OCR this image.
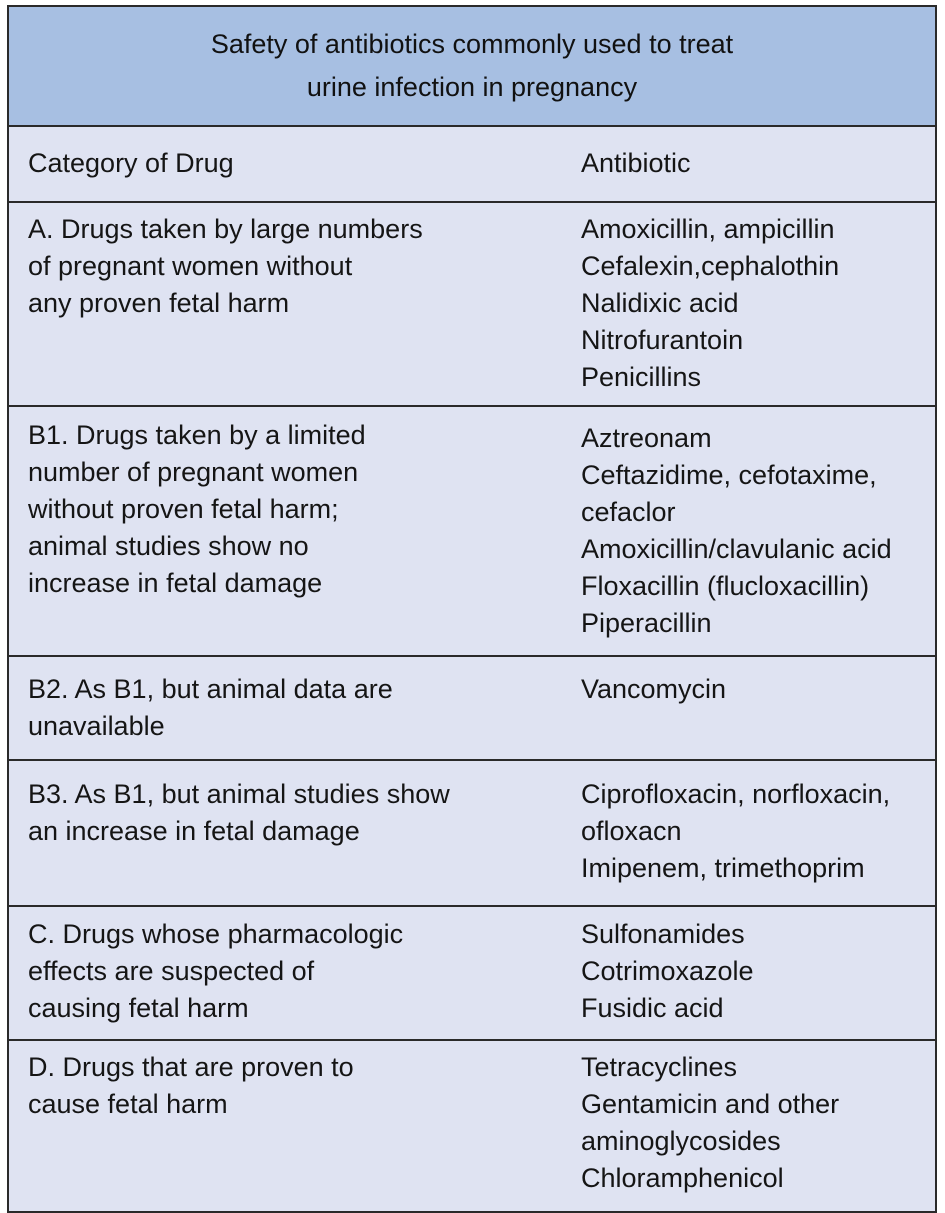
Safety of antibiotics commonly used to treat
urine infection in pregnancy

Category of Drug	Antibiotic
A. Drugs taken by large numbers
of pregnant women without
any proven fetal harm
Amoxicillin, ampicillin
Cefalexin,cephalothin
Nalidixic acid
Nitrofurantoin
Penicillins
B1. Drugs taken by a limited
number of pregnant women
without proven fetal harm;
animal studies show no
increase in fetal damage
Aztreonam
Ceftazidime, cefotaxime,
cefaclor
Amoxicillin/clavulanic acid
Floxacillin (flucloxacillin)
Piperacillin
B2. As B1, but animal data are
unavailable
Vancomycin
B3. As B1, but animal studies show
an increase in fetal damage
Ciprofloxacin, norfloxacin,
ofloxacn
Imipenem, trimethoprim
C. Drugs whose pharmacologic
effects are suspected of
causing fetal harm
Sulfonamides
Cotrimoxazole
Fusidic acid
D. Drugs that are proven to
cause fetal harm
Tetracyclines
Gentamicin and other
aminoglycosides
Chloramphenicol
